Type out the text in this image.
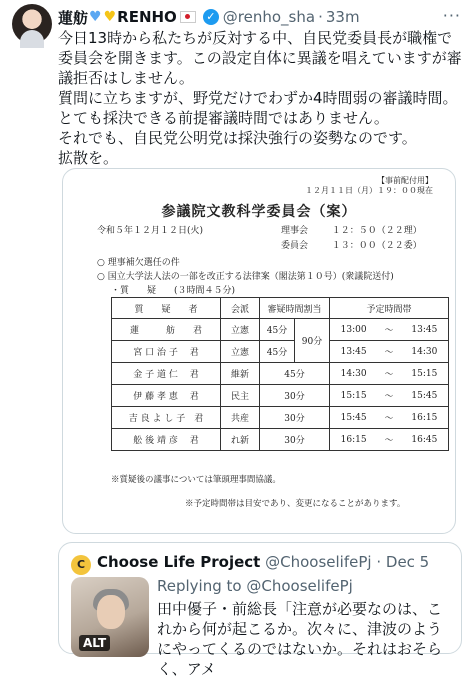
蓮舫 ♥ ♥ RENHO	✓ @renho_sha · 33m	···

今日13時から私たちが反対する中、自民党委員長が職権で委員会を開きます。この設定自体に異議を唱えていますが審議拒否はしません。

質問に立ちますが、野党だけでわずか4時間弱の審議時間。とても採決できる前提審議時間ではありません。

それでも、自民党公明党は採決強行の姿勢なのです。

拡散を。

【事前配付用】
１２月１１日（月）１９：００現在
参議院文教科学委員会（案）
令和５年１２月１２日(火)	理事会	１２：５０（２２理）
委員会	１３：００（２２委）
○ 理事補欠選任の件
○ 国立大学法人法の一部を改正する法律案（閣法第１０号）(衆議院送付)
・質　　疑　　(３時間４５分)
質　　疑　　者	会派	審疑時間割当		予定時間帯		
蓮　　　舫　　君	立憲	45分	90分	13:00	～	13:45
宮 口 治 子　 君	立憲	45分		13:45	～	14:30
金 子 道 仁　 君	維新	45分		14:30	～	15:15
伊 藤 孝 恵　 君	民主	30分		15:15	～	15:45
吉 良 よ し 子　君	共産	30分		15:45	～	16:15
舩 後 靖 彦　 君	れ新	30分		16:15	～	16:45
※質疑後の議事については筆頭理事間協議。
※予定時間帯は目安であり、変更になることがあります。
C
Choose Life Project @ChooselifePj · Dec 5
ALT
Replying to @ChooselifePj
田中優子・前総長「注意が必要なのは、これから何が起こるか。次々に、津波のようにやってくるのではないか。それはおそらく、アメ
